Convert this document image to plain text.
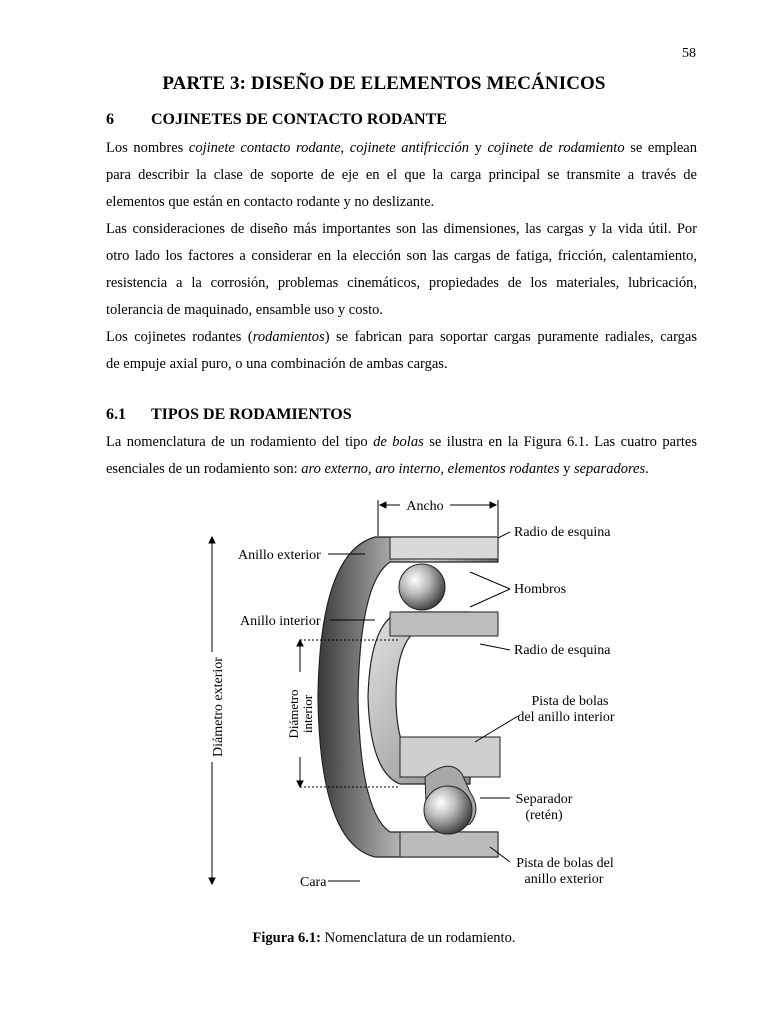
58
PARTE 3: DISEÑO DE ELEMENTOS MECÁNICOS
6 COJINETES DE CONTACTO RODANTE
Los nombres cojinete contacto rodante, cojinete antifricción y cojinete de rodamiento se emplean
para describir la clase de soporte de eje en el que la carga principal se transmite a través de
elementos que están en contacto rodante y no deslizante.
Las consideraciones de diseño más importantes son las dimensiones, las cargas y la vida útil. Por
otro lado los factores a considerar en la elección son las cargas de fatiga, fricción, calentamiento,
resistencia a la corrosión, problemas cinemáticos, propiedades de los materiales, lubricación,
tolerancia de maquinado, ensamble uso y costo.
Los cojinetes rodantes (rodamientos) se fabrican para soportar cargas puramente radiales, cargas
de empuje axial puro, o una combinación de ambas cargas.
6.1 TIPOS DE RODAMIENTOS
La nomenclatura de un rodamiento del tipo de bolas se ilustra en la Figura 6.1. Las cuatro partes
esenciales de un rodamiento son: aro externo, aro interno, elementos rodantes y separadores.
Ancho
Diámetro exterior	Diámetro interior
Radio de esquina
Hombros
Radio de esquina
Pista de bolas
del anillo interior
Separador
(retén)
Pista de bolas del
anillo exterior
Anillo exterior
Anillo interior
Cara
Figura 6.1: Nomenclatura de un rodamiento.
